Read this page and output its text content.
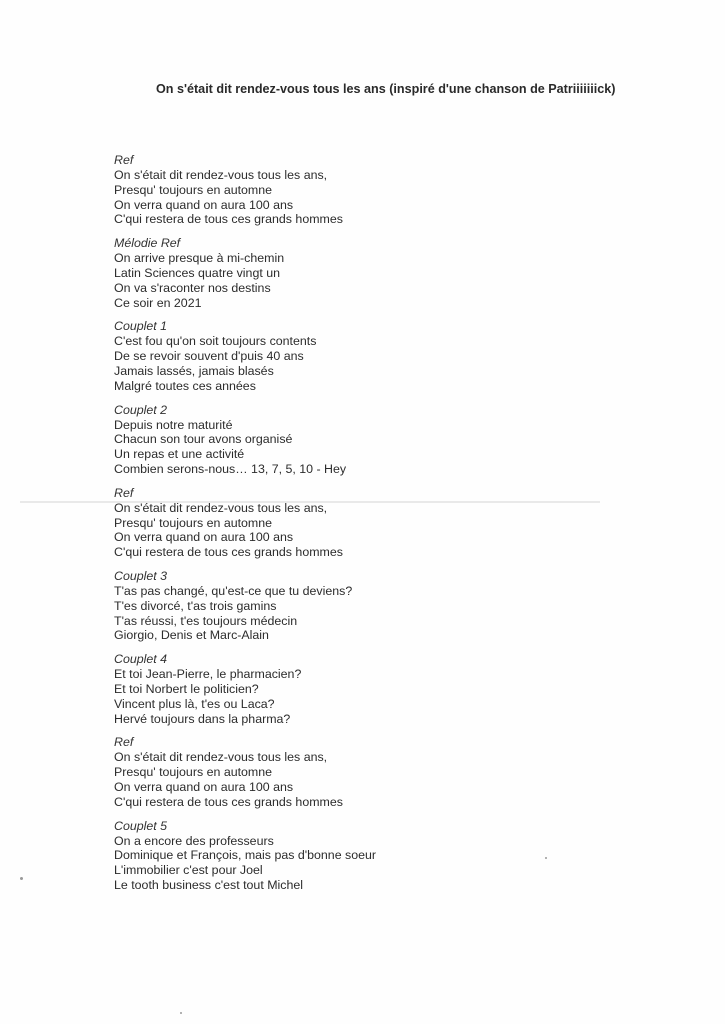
On s'était dit rendez-vous tous les ans (inspiré d'une chanson de Patriiiiiiick)
Ref
On s'était dit rendez-vous tous les ans,
Presqu' toujours en automne
On verra quand on aura 100 ans
C'qui restera de tous ces grands hommes
Mélodie Ref
On arrive presque à mi-chemin
Latin Sciences quatre vingt un
On va s'raconter nos destins
Ce soir en 2021
Couplet 1
C'est fou qu'on soit toujours contents
De se revoir souvent d'puis 40 ans
Jamais lassés, jamais blasés
Malgré toutes ces années
Couplet 2
Depuis notre maturité
Chacun son tour avons organisé
Un repas et une activité
Combien serons-nous… 13, 7, 5, 10 - Hey
Ref
On s'était dit rendez-vous tous les ans,
Presqu' toujours en automne
On verra quand on aura 100 ans
C'qui restera de tous ces grands hommes
Couplet 3
T'as pas changé, qu'est-ce que tu deviens?
T'es divorcé, t'as trois gamins
T'as réussi, t'es toujours médecin
Giorgio, Denis et Marc-Alain
Couplet 4
Et toi Jean-Pierre, le pharmacien?
Et toi Norbert le politicien?
Vincent plus là, t'es ou Laca?
Hervé toujours dans la pharma?
Ref
On s'était dit rendez-vous tous les ans,
Presqu' toujours en automne
On verra quand on aura 100 ans
C'qui restera de tous ces grands hommes
Couplet 5
On a encore des professeurs
Dominique et François, mais pas d'bonne soeur
L'immobilier c'est pour Joel
Le tooth business c'est tout Michel
